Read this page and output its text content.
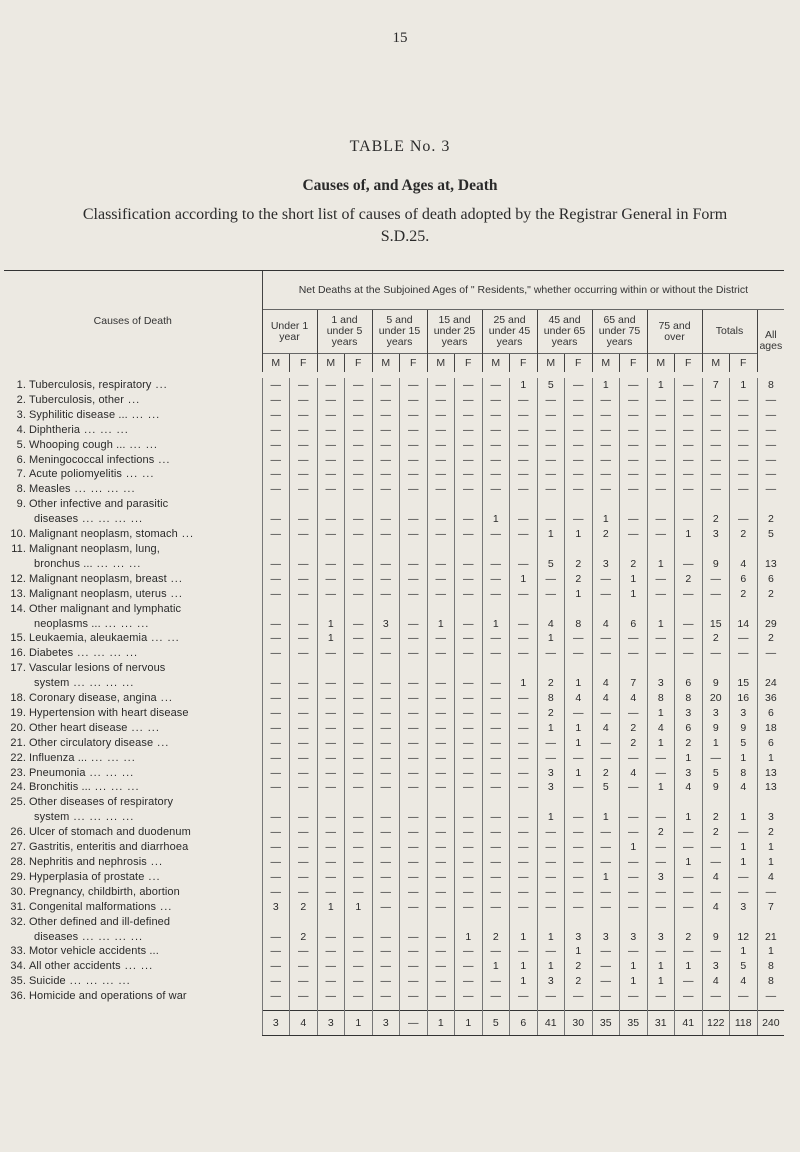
15
TABLE No. 3
Causes of, and Ages at, Death
Classification according to the short list of causes of death adopted by the Registrar General in Form S.D.25.
Causes of Death	Net Deaths at the Subjoined Ages of " Residents," whether occurring within or without the District																		
	Under 1 year		1 and under 5 years		5 and under 15 years		15 and under 25 years		25 and under 45 years		45 and under 65 years		65 and under 75 years		75 and over		Totals		All ages
	M	F	M	F	M	F	M	F	M	F	M	F	M	F	M	F	M	F	

1. Tuberculosis, respiratory ...	—	—	—	—	—	—	—	—	—	1	5	—	1	—	1	—	7	1	8
2. Tuberculosis, other ...	—	—	—	—	—	—	—	—	—	—	—	—	—	—	—	—	—	—	—
3. Syphilitic disease ... ... ...	—	—	—	—	—	—	—	—	—	—	—	—	—	—	—	—	—	—	—
4. Diphtheria ... ... ...	—	—	—	—	—	—	—	—	—	—	—	—	—	—	—	—	—	—	—
5. Whooping cough ... ... ...	—	—	—	—	—	—	—	—	—	—	—	—	—	—	—	—	—	—	—
6. Meningococcal infections ...	—	—	—	—	—	—	—	—	—	—	—	—	—	—	—	—	—	—	—
7. Acute poliomyelitis ... ...	—	—	—	—	—	—	—	—	—	—	—	—	—	—	—	—	—	—	—
8. Measles ... ... ... ...	—	—	—	—	—	—	—	—	—	—	—	—	—	—	—	—	—	—	—
9. Other infective and parasitic																			
diseases ... ... ... ...	—	—	—	—	—	—	—	—	1	—	—	—	1	—	—	—	2	—	2
10. Malignant neoplasm, stomach ...	—	—	—	—	—	—	—	—	—	—	1	1	2	—	—	1	3	2	5
11. Malignant neoplasm, lung,																			
bronchus ... ... ... ...	—	—	—	—	—	—	—	—	—	—	5	2	3	2	1	—	9	4	13
12. Malignant neoplasm, breast ...	—	—	—	—	—	—	—	—	—	1	—	2	—	1	—	2	—	6	6
13. Malignant neoplasm, uterus ...	—	—	—	—	—	—	—	—	—	—	—	1	—	1	—	—	—	2	2
14. Other malignant and lymphatic																			
neoplasms ... ... ... ...	—	—	1	—	3	—	1	—	1	—	4	8	4	6	1	—	15	14	29
15. Leukaemia, aleukaemia ... ...	—	—	1	—	—	—	—	—	—	—	1	—	—	—	—	—	2	—	2
16. Diabetes ... ... ... ...	—	—	—	—	—	—	—	—	—	—	—	—	—	—	—	—	—	—	—
17. Vascular lesions of nervous																			
system ... ... ... ...	—	—	—	—	—	—	—	—	—	1	2	1	4	7	3	6	9	15	24
18. Coronary disease, angina ...	—	—	—	—	—	—	—	—	—	—	8	4	4	4	8	8	20	16	36
19. Hypertension with heart disease	—	—	—	—	—	—	—	—	—	—	2	—	—	—	1	3	3	3	6
20. Other heart disease ... ...	—	—	—	—	—	—	—	—	—	—	1	1	4	2	4	6	9	9	18
21. Other circulatory disease ...	—	—	—	—	—	—	—	—	—	—	—	1	—	2	1	2	1	5	6
22. Influenza ... ... ... ...	—	—	—	—	—	—	—	—	—	—	—	—	—	—	—	1	—	1	1
23. Pneumonia ... ... ...	—	—	—	—	—	—	—	—	—	—	3	1	2	4	—	3	5	8	13
24. Bronchitis ... ... ... ...	—	—	—	—	—	—	—	—	—	—	3	—	5	—	1	4	9	4	13
25. Other diseases of respiratory																			
system ... ... ... ...	—	—	—	—	—	—	—	—	—	—	1	—	1	—	—	1	2	1	3
26. Ulcer of stomach and duodenum	—	—	—	—	—	—	—	—	—	—	—	—	—	—	2	—	2	—	2
27. Gastritis, enteritis and diarrhoea	—	—	—	—	—	—	—	—	—	—	—	—	—	1	—	—	—	1	1
28. Nephritis and nephrosis ...	—	—	—	—	—	—	—	—	—	—	—	—	—	—	—	1	—	1	1
29. Hyperplasia of prostate ...	—	—	—	—	—	—	—	—	—	—	—	—	1	—	3	—	4	—	4
30. Pregnancy, childbirth, abortion	—	—	—	—	—	—	—	—	—	—	—	—	—	—	—	—	—	—	—
31. Congenital malformations ...	3	2	1	1	—	—	—	—	—	—	—	—	—	—	—	—	4	3	7
32. Other defined and ill-defined																			
diseases ... ... ... ...	—	2	—	—	—	—	—	1	2	1	1	3	3	3	3	2	9	12	21
33. Motor vehicle accidents ...	—	—	—	—	—	—	—	—	—	—	—	1	—	—	—	—	—	1	1
34. All other accidents ... ...	—	—	—	—	—	—	—	—	1	1	1	2	—	1	1	1	3	5	8
35. Suicide ... ... ... ...	—	—	—	—	—	—	—	—	—	1	3	2	—	1	1	—	4	4	8
36. Homicide and operations of war	—	—	—	—	—	—	—	—	—	—	—	—	—	—	—	—	—	—	—

	3	4	3	1	3	—	1	1	5	6	41	30	35	35	31	41	122	118	240
